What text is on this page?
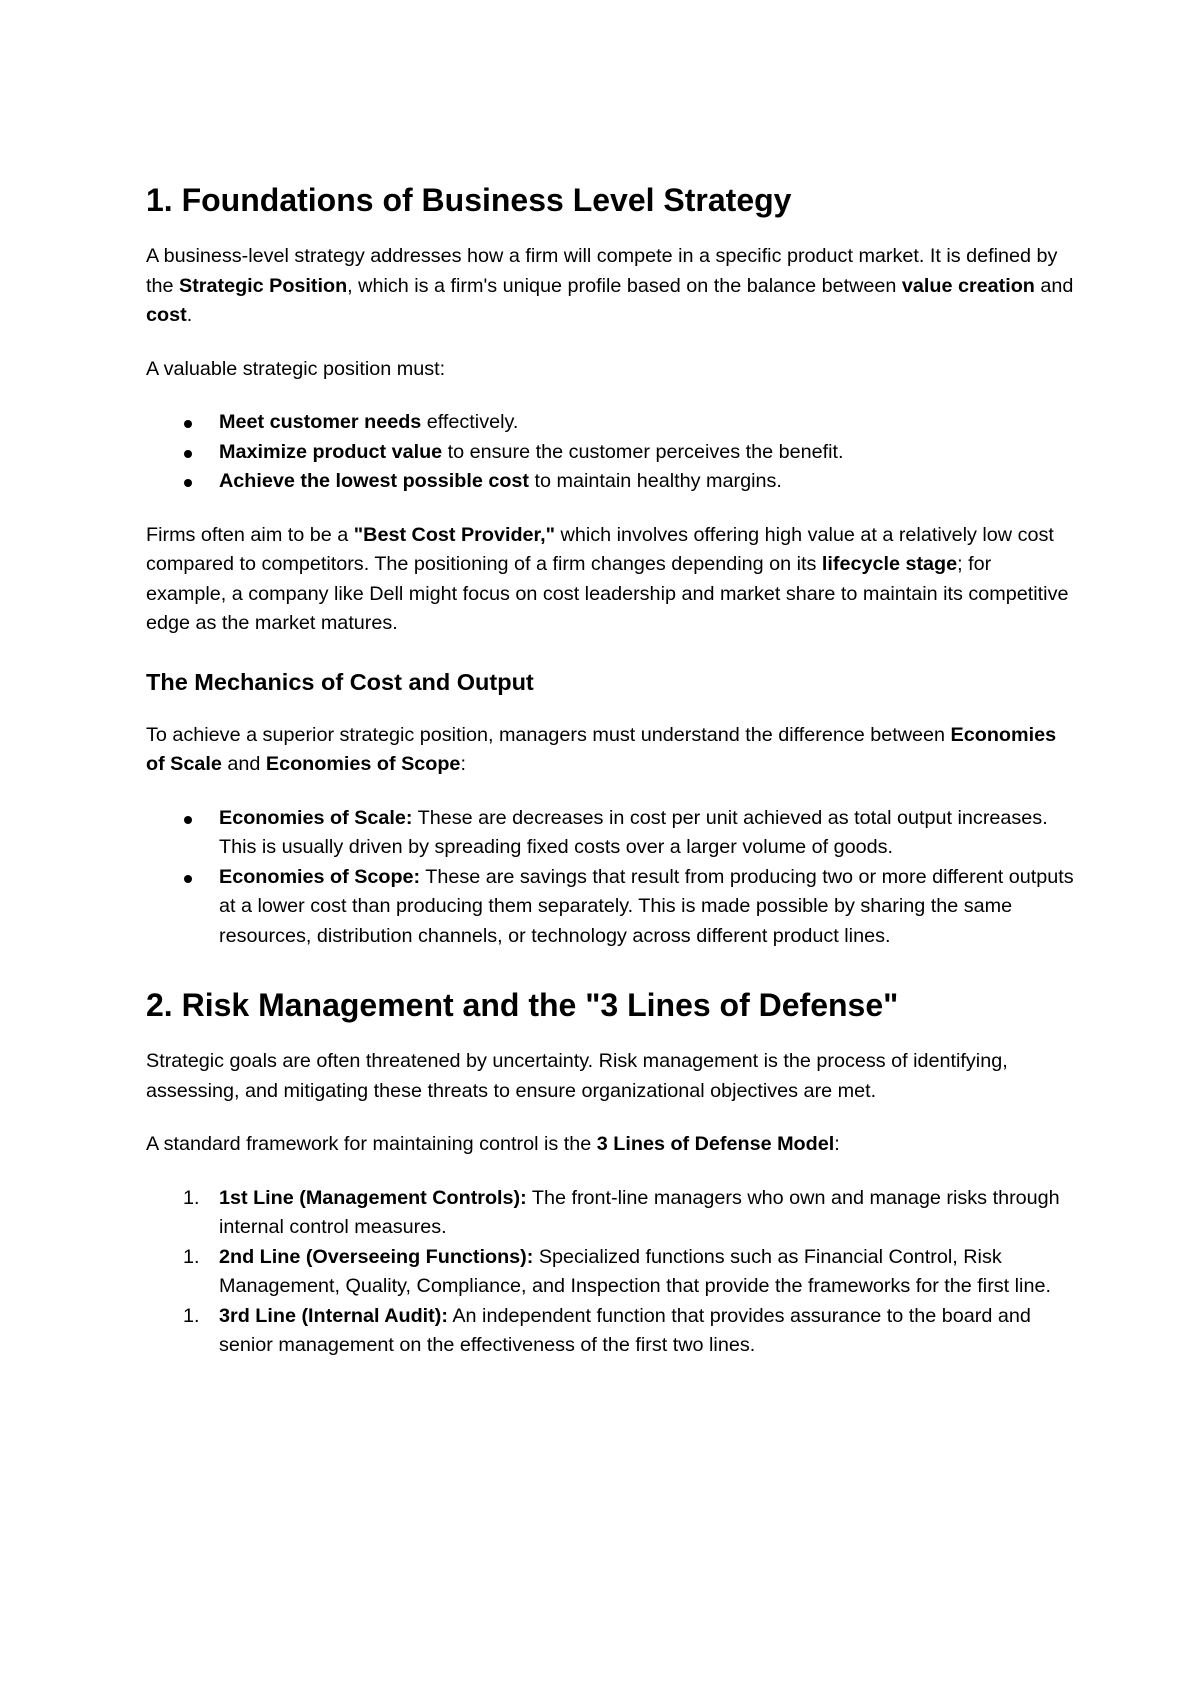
1. Foundations of Business Level Strategy

A business-level strategy addresses how a firm will compete in a specific product market. It is defined by the Strategic Position, which is a firm's unique profile based on the balance between value creation and cost.

A valuable strategic position must:

Meet customer needs effectively.
Maximize product value to ensure the customer perceives the benefit.
Achieve the lowest possible cost to maintain healthy margins.

Firms often aim to be a "Best Cost Provider," which involves offering high value at a relatively low cost compared to competitors. The positioning of a firm changes depending on its lifecycle stage; for example, a company like Dell might focus on cost leadership and market share to maintain its competitive edge as the market matures.

The Mechanics of Cost and Output

To achieve a superior strategic position, managers must understand the difference between Economies of Scale and Economies of Scope:

Economies of Scale: These are decreases in cost per unit achieved as total output increases. This is usually driven by spreading fixed costs over a larger volume of goods.
Economies of Scope: These are savings that result from producing two or more different outputs at a lower cost than producing them separately. This is made possible by sharing the same resources, distribution channels, or technology across different product lines.
2. Risk Management and the "3 Lines of Defense"

Strategic goals are often threatened by uncertainty. Risk management is the process of identifying, assessing, and mitigating these threats to ensure organizational objectives are met.

A standard framework for maintaining control is the 3 Lines of Defense Model:

1. 1st Line (Management Controls): The front-line managers who own and manage risks through internal control measures.
1. 2nd Line (Overseeing Functions): Specialized functions such as Financial Control, Risk Management, Quality, Compliance, and Inspection that provide the frameworks for the first line.
1. 3rd Line (Internal Audit): An independent function that provides assurance to the board and senior management on the effectiveness of the first two lines.
